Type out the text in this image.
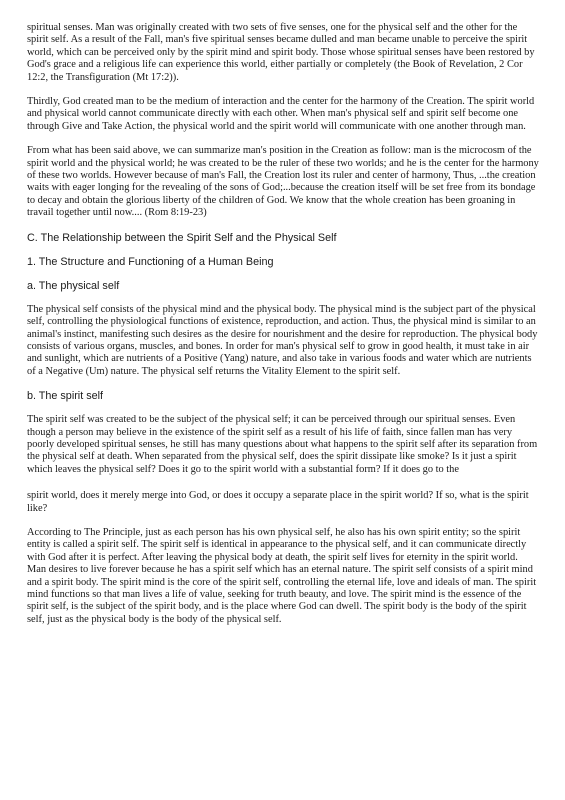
spiritual senses. Man was originally created with two sets of five senses, one for the physical self and the other for the spirit self. As a result of the Fall, man's five spiritual senses became dulled and man became unable to perceive the spirit world, which can be perceived only by the spirit mind and spirit body. Those whose spiritual senses have been restored by God's grace and a religious life can experience this world, either partially or completely (the Book of Revelation, 2 Cor 12:2, the Transfiguration (Mt 17:2)).

Thirdly, God created man to be the medium of interaction and the center for the harmony of the Creation. The spirit world and physical world cannot communicate directly with each other. When man's physical self and spirit self become one through Give and Take Action, the physical world and the spirit world will communicate with one another through man.

From what has been said above, we can summarize man's position in the Creation as follow: man is the microcosm of the spirit world and the physical world; he was created to be the ruler of these two worlds; and he is the center for the harmony of these two worlds. However because of man's Fall, the Creation lost its ruler and center of harmony, Thus, ...the creation waits with eager longing for the revealing of the sons of God;...because the creation itself will be set free from its bondage to decay and obtain the glorious liberty of the children of God. We know that the whole creation has been groaning in travail together until now.... (Rom 8:19-23)

C. The Relationship between the Spirit Self and the Physical Self
1. The Structure and Functioning of a Human Being
a. The physical self

The physical self consists of the physical mind and the physical body. The physical mind is the subject part of the physical self, controlling the physiological functions of existence, reproduction, and action. Thus, the physical mind is similar to an animal's instinct, manifesting such desires as the desire for nourishment and the desire for reproduction. The physical body consists of various organs, muscles, and bones. In order for man's physical self to grow in good health, it must take in air and sunlight, which are nutrients of a Positive (Yang) nature, and also take in various foods and water which are nutrients of a Negative (Um) nature. The physical self returns the Vitality Element to the spirit self.

b. The spirit self

The spirit self was created to be the subject of the physical self; it can be perceived through our spiritual senses. Even though a person may believe in the existence of the spirit self as a result of his life of faith, since fallen man has very poorly developed spiritual senses, he still has many questions about what happens to the spirit self after its separation from the physical self at death. When separated from the physical self, does the spirit dissipate like smoke? Is it just a spirit which leaves the physical self? Does it go to the spirit world with a substantial form? If it does go to the

spirit world, does it merely merge into God, or does it occupy a separate place in the spirit world? If so, what is the spirit like?

According to The Principle, just as each person has his own physical self, he also has his own spirit entity; so the spirit entity is called a spirit self. The spirit self is identical in appearance to the physical self, and it can communicate directly with God after it is perfect. After leaving the physical body at death, the spirit self lives for eternity in the spirit world. Man desires to live forever because he has a spirit self which has an eternal nature. The spirit self consists of a spirit mind and a spirit body. The spirit mind is the core of the spirit self, controlling the eternal life, love and ideals of man. The spirit mind functions so that man lives a life of value, seeking for truth beauty, and love. The spirit mind is the essence of the spirit self, is the subject of the spirit body, and is the place where God can dwell. The spirit body is the body of the spirit self, just as the physical body is the body of the physical self.
